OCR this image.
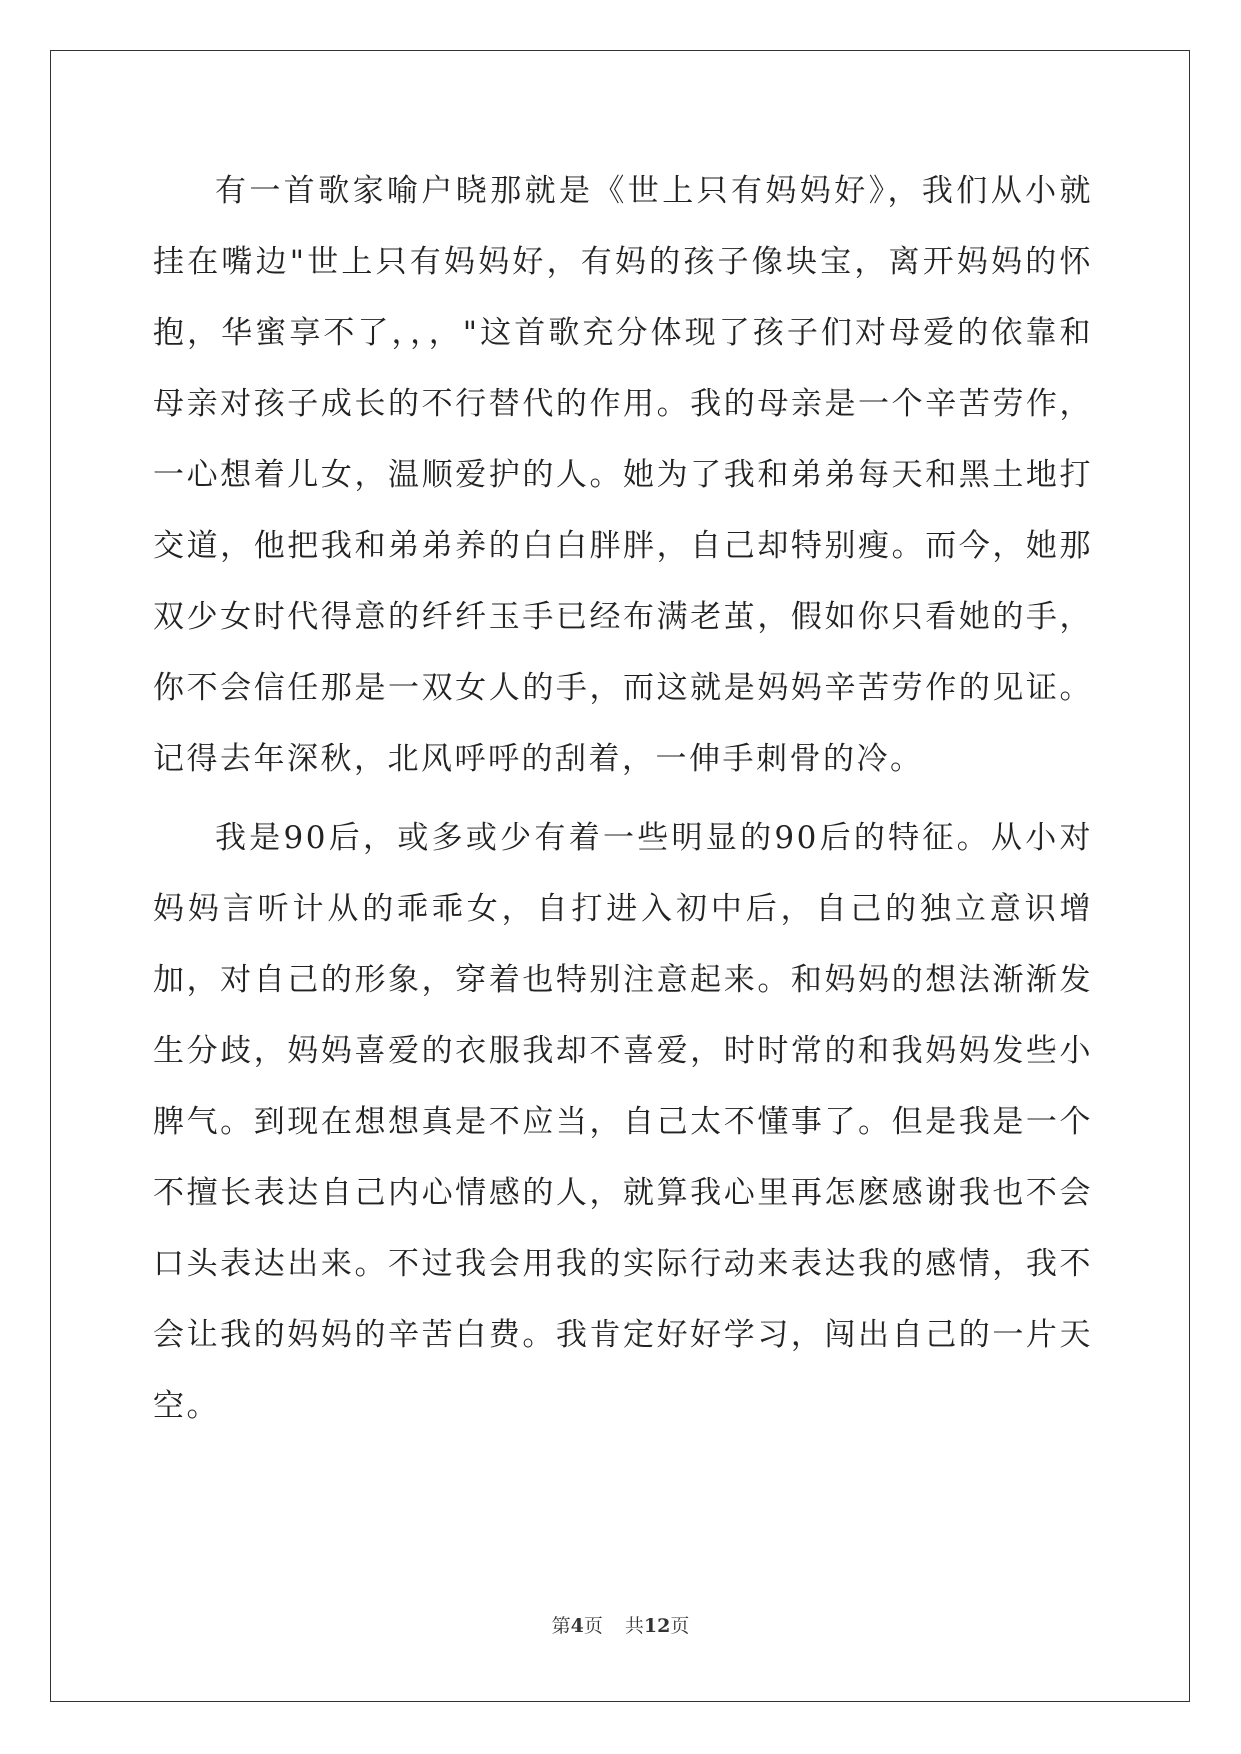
有一首歌家喻户晓那就是《世上只有妈妈好》，我们从小就挂在嘴边"世上只有妈妈好，有妈的孩子像块宝，离开妈妈的怀抱，华蜜享不了，，，"这首歌充分体现了孩子们对母爱的依靠和母亲对孩子成长的不行替代的作用。我的母亲是一个辛苦劳作，一心想着儿女，温顺爱护的人。她为了我和弟弟每天和黑土地打交道，他把我和弟弟养的白白胖胖，自己却特别瘦。而今，她那双少女时代得意的纤纤玉手已经布满老茧，假如你只看她的手，你不会信任那是一双女人的手，而这就是妈妈辛苦劳作的见证。记得去年深秋，北风呼呼的刮着，一伸手刺骨的冷。

我是90后，或多或少有着一些明显的90后的特征。从小对妈妈言听计从的乖乖女，自打进入初中后，自己的独立意识增加，对自己的形象，穿着也特别注意起来。和妈妈的想法渐渐发生分歧，妈妈喜爱的衣服我却不喜爱，时时常的和我妈妈发些小脾气。到现在想想真是不应当，自己太不懂事了。但是我是一个不擅长表达自己内心情感的人，就算我心里再怎麽感谢我也不会口头表达出来。不过我会用我的实际行动来表达我的感情，我不会让我的妈妈的辛苦白费。我肯定好好学习，闯出自己的一片天空。

第4页 共12页
